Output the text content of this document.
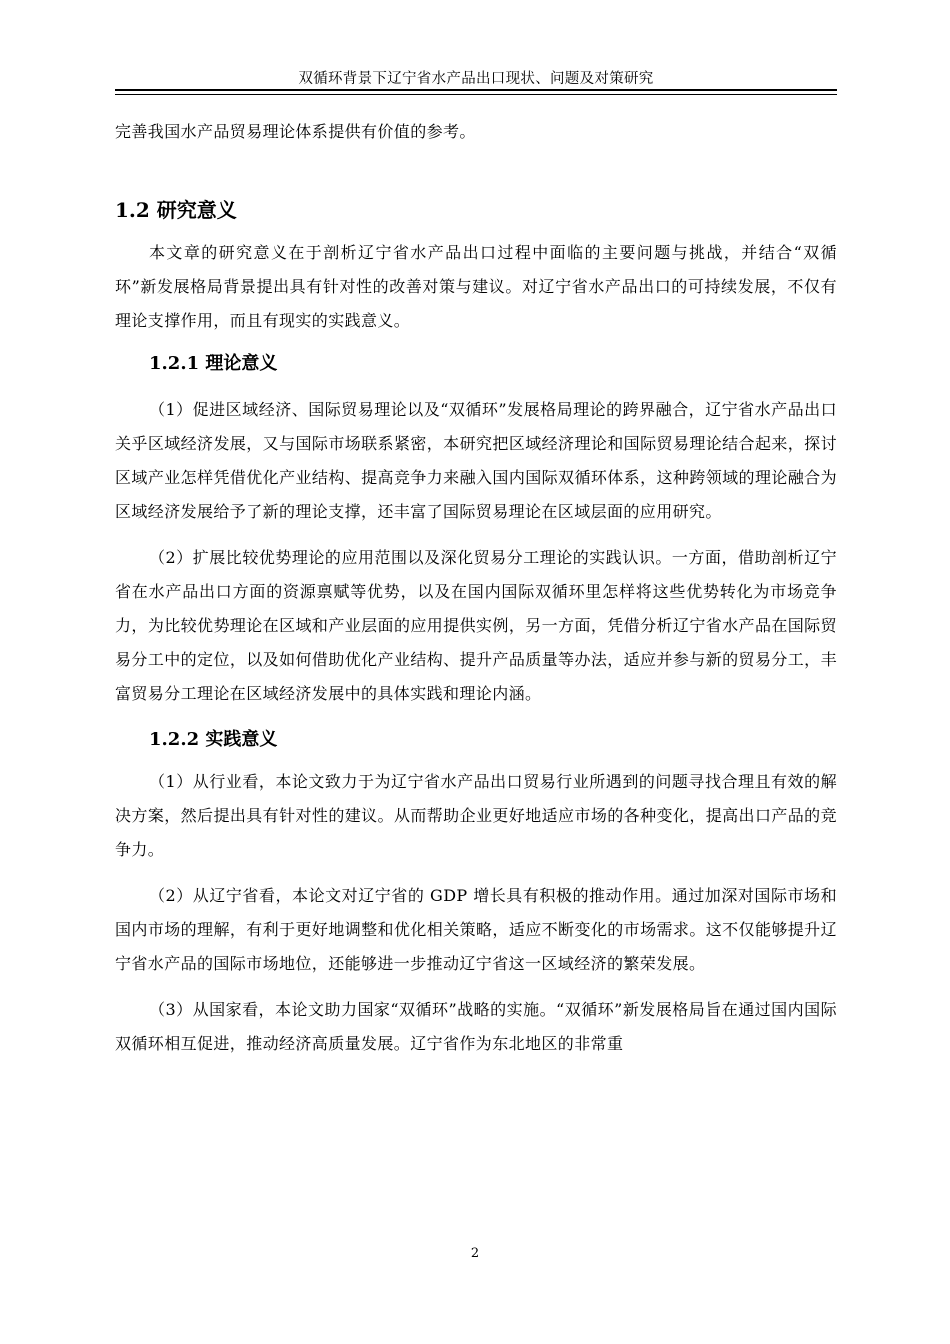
双循环背景下辽宁省水产品出口现状、问题及对策研究

完善我国水产品贸易理论体系提供有价值的参考。

1.2 研究意义

本文章的研究意义在于剖析辽宁省水产品出口过程中面临的主要问题与挑战，并结合“双循环”新发展格局背景提出具有针对性的改善对策与建议。对辽宁省水产品出口的可持续发展，不仅有理论支撑作用，而且有现实的实践意义。

1.2.1 理论意义

（1）促进区域经济、国际贸易理论以及“双循环”发展格局理论的跨界融合，辽宁省水产品出口关乎区域经济发展，又与国际市场联系紧密，本研究把区域经济理论和国际贸易理论结合起来，探讨区域产业怎样凭借优化产业结构、提高竞争力来融入国内国际双循环体系，这种跨领域的理论融合为区域经济发展给予了新的理论支撑，还丰富了国际贸易理论在区域层面的应用研究。

（2）扩展比较优势理论的应用范围以及深化贸易分工理论的实践认识。一方面，借助剖析辽宁省在水产品出口方面的资源禀赋等优势，以及在国内国际双循环里怎样将这些优势转化为市场竞争力，为比较优势理论在区域和产业层面的应用提供实例，另一方面，凭借分析辽宁省水产品在国际贸易分工中的定位，以及如何借助优化产业结构、提升产品质量等办法，适应并参与新的贸易分工，丰富贸易分工理论在区域经济发展中的具体实践和理论内涵。

1.2.2 实践意义

（1）从行业看，本论文致力于为辽宁省水产品出口贸易行业所遇到的问题寻找合理且有效的解决方案，然后提出具有针对性的建议。从而帮助企业更好地适应市场的各种变化，提高出口产品的竞争力。

（2）从辽宁省看，本论文对辽宁省的 GDP 增长具有积极的推动作用。通过加深对国际市场和国内市场的理解，有利于更好地调整和优化相关策略，适应不断变化的市场需求。这不仅能够提升辽宁省水产品的国际市场地位，还能够进一步推动辽宁省这一区域经济的繁荣发展。

（3）从国家看，本论文助力国家“双循环”战略的实施。“双循环”新发展格局旨在通过国内国际双循环相互促进，推动经济高质量发展。辽宁省作为东北地区的非常重

2
